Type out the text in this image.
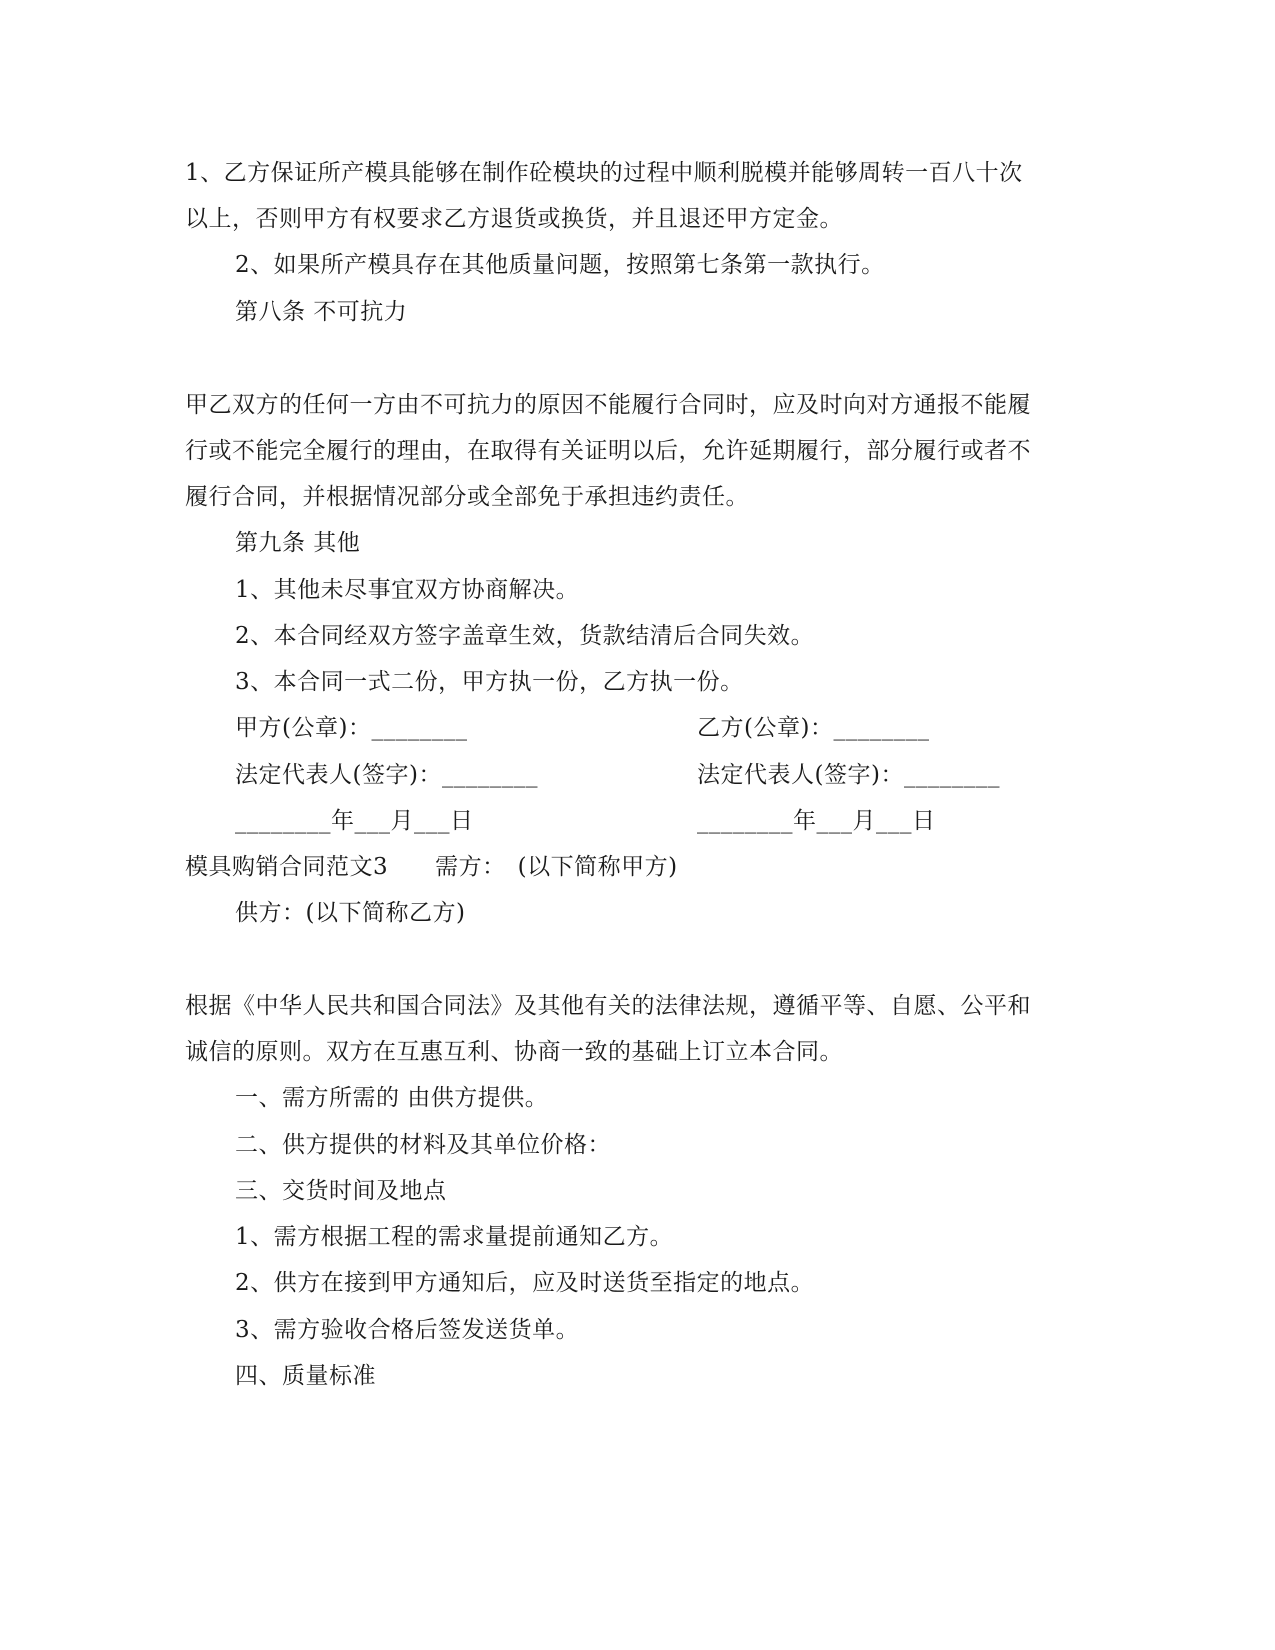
1、乙方保证所产模具能够在制作砼模块的过程中顺利脱模并能够周转一百八十次
以上，否则甲方有权要求乙方退货或换货，并且退还甲方定金。
2、如果所产模具存在其他质量问题，按照第七条第一款执行。
第八条 不可抗力
甲乙双方的任何一方由不可抗力的原因不能履行合同时，应及时向对方通报不能履
行或不能完全履行的理由，在取得有关证明以后，允许延期履行，部分履行或者不
履行合同，并根据情况部分或全部免于承担违约责任。
第九条 其他
1、其他未尽事宜双方协商解决。
2、本合同经双方签字盖章生效，货款结清后合同失效。
3、本合同一式二份，甲方执一份，乙方执一份。
甲方(公章)：________	乙方(公章)：________
法定代表人(签字)：________	法定代表人(签字)：________
________年___月___日	________年___月___日
模具购销合同范文3　　需方：　(以下简称甲方)
供方：(以下简称乙方)
根据《中华人民共和国合同法》及其他有关的法律法规，遵循平等、自愿、公平和
诚信的原则。双方在互惠互利、协商一致的基础上订立本合同。
一、需方所需的 由供方提供。
二、供方提供的材料及其单位价格：
三、交货时间及地点
1、需方根据工程的需求量提前通知乙方。
2、供方在接到甲方通知后，应及时送货至指定的地点。
3、需方验收合格后签发送货单。
四、质量标准
